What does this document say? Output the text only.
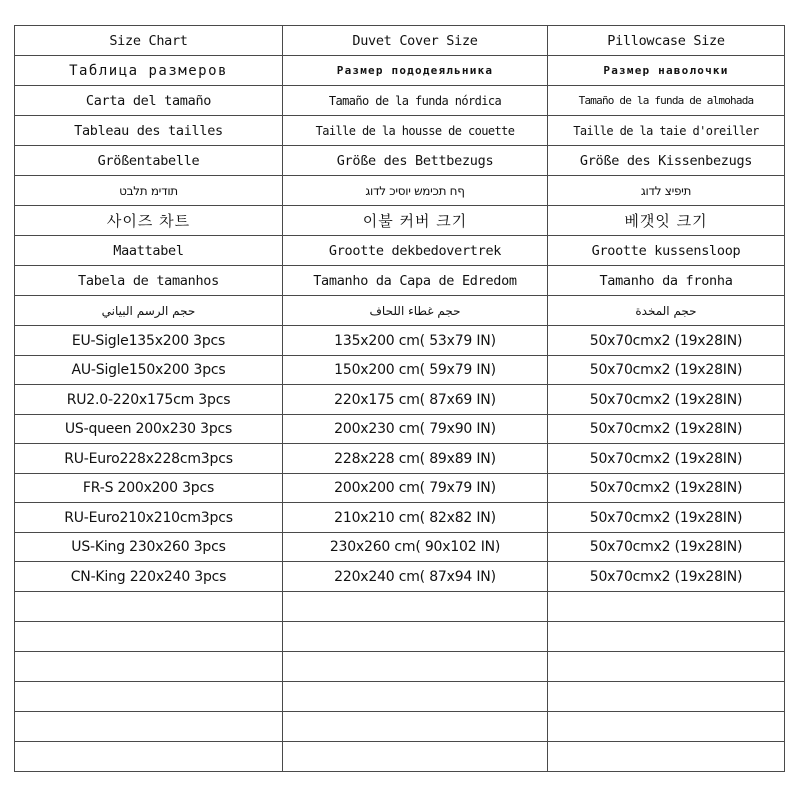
Size Chart	Duvet Cover Size	Pillowcase Size
Таблица размеров	Размер пододеяльника	Размер наволочки
Carta del tamaño	Tamaño de la funda nórdica	Tamaño de la funda de almohada
Tableau des tailles	Taille de la housse de couette	Taille de la taie d'oreiller
Größentabelle	Größe des Bettbezugs	Größe des Kissenbezugs
תודימ תלבט	ףח תכימש יוסיכ לדוג	תיפיצ לדוג
사이즈 차트	이불 커버 크기	베갯잇 크기
Maattabel	Grootte dekbedovertrek	Grootte kussensloop
Tabela de tamanhos	Tamanho da Capa de Edredom	Tamanho da fronha
حجم الرسم البياني	حجم غطاء اللحاف	حجم المخدة
EU-Sigle135x200 3pcs	135x200 cm( 53x79 IN)	50x70cmx2 (19x28IN)
AU-Sigle150x200 3pcs	150x200 cm( 59x79 IN)	50x70cmx2 (19x28IN)
RU2.0-220x175cm 3pcs	220x175 cm( 87x69 IN)	50x70cmx2 (19x28IN)
US-queen 200x230 3pcs	200x230 cm( 79x90 IN)	50x70cmx2 (19x28IN)
RU-Euro228x228cm3pcs	228x228 cm( 89x89 IN)	50x70cmx2 (19x28IN)
FR-S 200x200 3pcs	200x200 cm( 79x79 IN)	50x70cmx2 (19x28IN)
RU-Euro210x210cm3pcs	210x210 cm( 82x82 IN)	50x70cmx2 (19x28IN)
US-King 230x260 3pcs	230x260 cm( 90x102 IN)	50x70cmx2 (19x28IN)
CN-King 220x240 3pcs	220x240 cm( 87x94 IN)	50x70cmx2 (19x28IN)
